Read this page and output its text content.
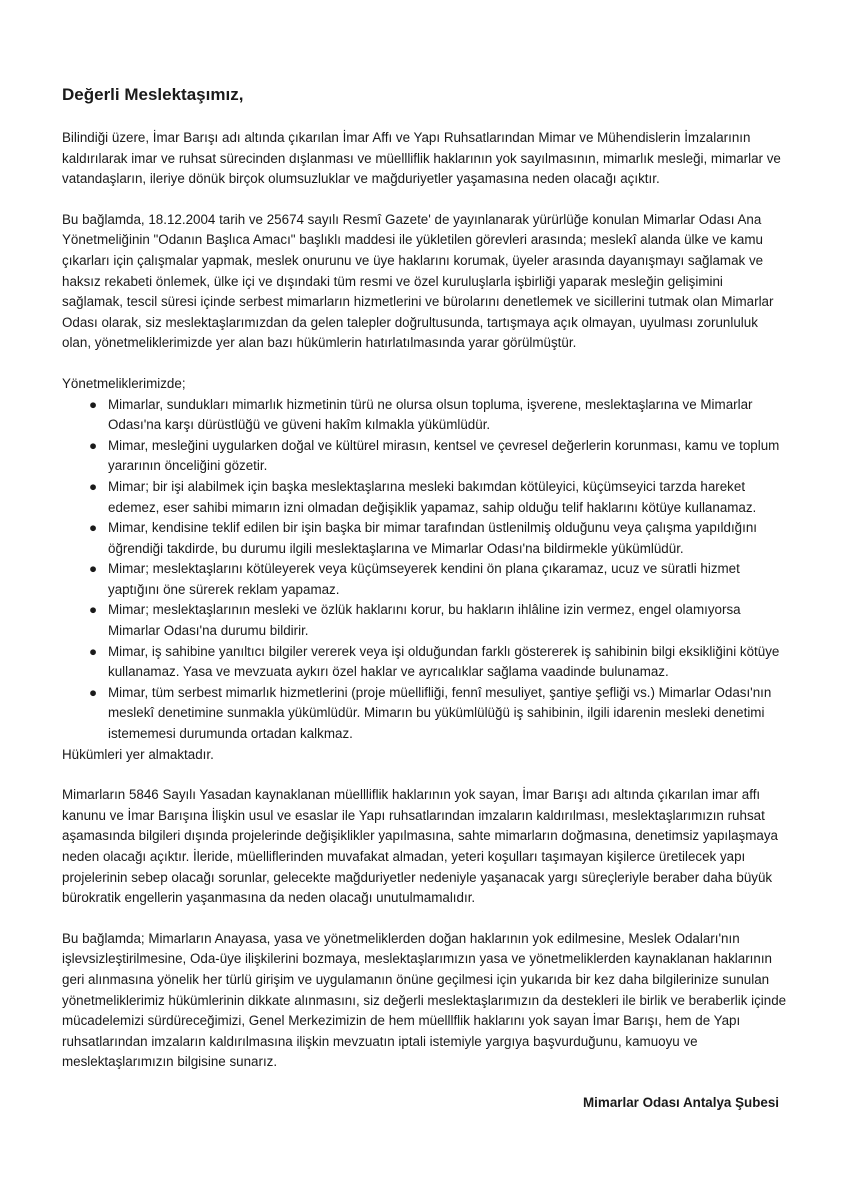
Değerli Meslektaşımız,

Bilindiği üzere, İmar Barışı adı altında çıkarılan İmar Affı ve Yapı Ruhsatlarından Mimar ve Mühendislerin İmzalarının kaldırılarak imar ve ruhsat sürecinden dışlanması ve müellliflik haklarının yok sayılmasının, mimarlık mesleği, mimarlar ve vatandaşların, ileriye dönük birçok olumsuzluklar ve mağduriyetler yaşamasına neden olacağı açıktır.

Bu bağlamda, 18.12.2004 tarih ve 25674 sayılı Resmî Gazete' de yayınlanarak yürürlüğe konulan Mimarlar Odası Ana Yönetmeliğinin "Odanın Başlıca Amacı" başlıklı maddesi ile yükletilen görevleri arasında; meslekî alanda ülke ve kamu çıkarları için çalışmalar yapmak, meslek onurunu ve üye haklarını korumak, üyeler arasında dayanışmayı sağlamak ve haksız rekabeti önlemek, ülke içi ve dışındaki tüm resmi ve özel kuruluşlarla işbirliği yaparak mesleğin gelişimini sağlamak, tescil süresi içinde serbest mimarların hizmetlerini ve bürolarını denetlemek ve sicillerini tutmak olan Mimarlar Odası olarak, siz meslektaşlarımızdan da gelen talepler doğrultusunda, tartışmaya açık olmayan, uyulması zorunluluk olan, yönetmeliklerimizde yer alan bazı hükümlerin hatırlatılmasında yarar görülmüştür.

Yönetmeliklerimizde;
● Mimarlar, sundukları mimarlık hizmetinin türü ne olursa olsun topluma, işverene, meslektaşlarına ve Mimarlar Odası'na karşı dürüstlüğü ve güveni hakîm kılmakla yükümlüdür.
● Mimar, mesleğini uygularken doğal ve kültürel mirasın, kentsel ve çevresel değerlerin korunması, kamu ve toplum yararının önceliğini gözetir.
● Mimar; bir işi alabilmek için başka meslektaşlarına mesleki bakımdan kötüleyici, küçümseyici tarzda hareket edemez, eser sahibi mimarın izni olmadan değişiklik yapamaz, sahip olduğu telif haklarını kötüye kullanamaz.
● Mimar, kendisine teklif edilen bir işin başka bir mimar tarafından üstlenilmiş olduğunu veya çalışma yapıldığını öğrendiği takdirde, bu durumu ilgili meslektaşlarına ve Mimarlar Odası'na bildirmekle yükümlüdür.
● Mimar; meslektaşlarını kötüleyerek veya küçümseyerek kendini ön plana çıkaramaz, ucuz ve süratli hizmet yaptığını öne sürerek reklam yapamaz.
● Mimar; meslektaşlarının mesleki ve özlük haklarını korur, bu hakların ihlâline izin vermez, engel olamıyorsa Mimarlar Odası'na durumu bildirir.
● Mimar, iş sahibine yanıltıcı bilgiler vererek veya işi olduğundan farklı göstererek iş sahibinin bilgi eksikliğini kötüye kullanamaz. Yasa ve mevzuata aykırı özel haklar ve ayrıcalıklar sağlama vaadinde bulunamaz.
● Mimar, tüm serbest mimarlık hizmetlerini (proje müellifliği, fennî mesuliyet, şantiye şefliği vs.) Mimarlar Odası'nın meslekî denetimine sunmakla yükümlüdür. Mimarın bu yükümlülüğü iş sahibinin, ilgili idarenin mesleki denetimi istememesi durumunda ortadan kalkmaz.

Hükümleri yer almaktadır.

Mimarların 5846 Sayılı Yasadan kaynaklanan müellliflik haklarının yok sayan, İmar Barışı adı altında çıkarılan imar affı kanunu ve İmar Barışına İlişkin usul ve esaslar ile Yapı ruhsatlarından imzaların kaldırılması, meslektaşlarımızın ruhsat aşamasında bilgileri dışında projelerinde değişiklikler yapılmasına, sahte mimarların doğmasına, denetimsiz yapılaşmaya neden olacağı açıktır. İleride, müelliflerinden muvafakat almadan, yeteri koşulları taşımayan kişilerce üretilecek yapı projelerinin sebep olacağı sorunlar, gelecekte mağduriyetler nedeniyle yaşanacak yargı süreçleriyle beraber daha büyük bürokratik engellerin yaşanmasına da neden olacağı unutulmamalıdır.

Bu bağlamda; Mimarların Anayasa, yasa ve yönetmeliklerden doğan haklarının yok edilmesine, Meslek Odaları'nın işlevsizleştirilmesine, Oda-üye ilişkilerini bozmaya, meslektaşlarımızın yasa ve yönetmeliklerden kaynaklanan haklarının geri alınmasına yönelik her türlü girişim ve uygulamanın önüne geçilmesi için yukarıda bir kez daha bilgilerinize sunulan yönetmeliklerimiz hükümlerinin dikkate alınmasını, siz değerli meslektaşlarımızın da destekleri ile birlik ve beraberlik içinde mücadelemizi sürdüreceğimizi, Genel Merkezimizin de hem müelllflik haklarını yok sayan İmar Barışı, hem de Yapı ruhsatlarından imzaların kaldırılmasına ilişkin mevzuatın iptali istemiyle yargıya başvurduğunu, kamuoyu ve meslektaşlarımızın bilgisine sunarız.

Mimarlar Odası Antalya Şubesi
